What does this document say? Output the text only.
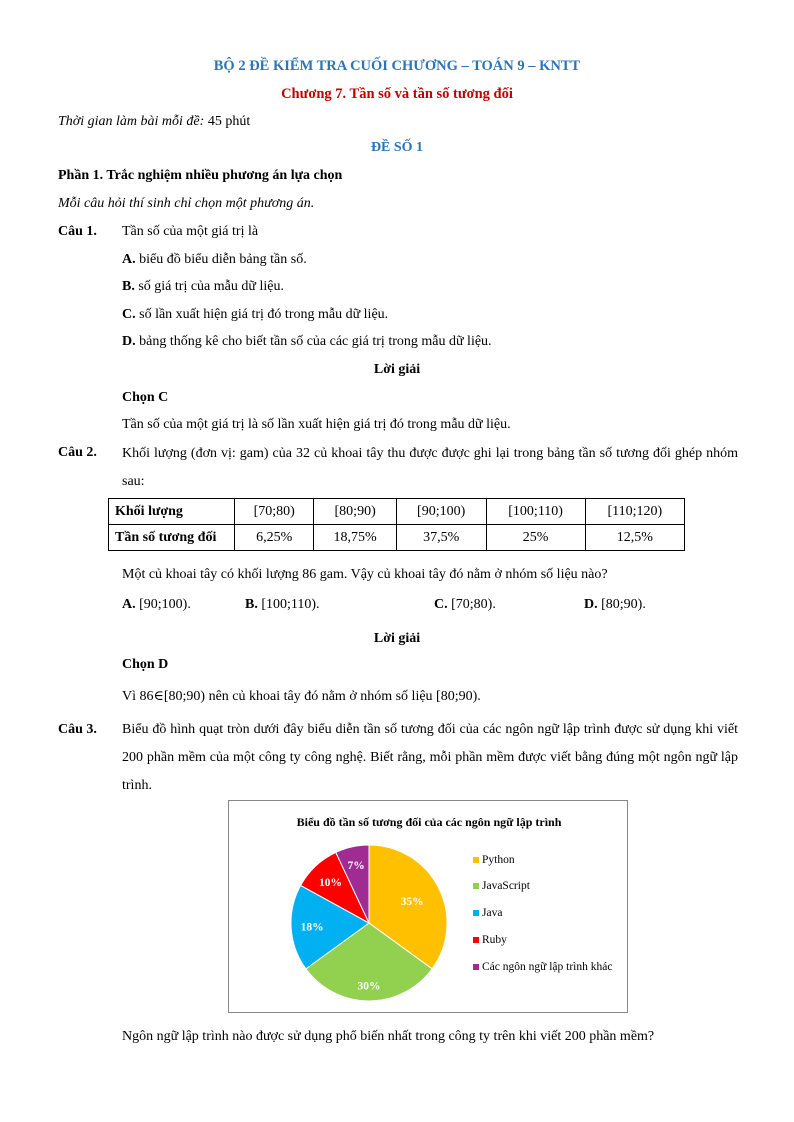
BỘ 2 ĐỀ KIỂM TRA CUỐI CHƯƠNG – TOÁN 9 – KNTT
Chương 7. Tần số và tần số tương đối
Thời gian làm bài mỗi đề: 45 phút
ĐỀ SỐ 1
Phần 1. Trắc nghiệm nhiều phương án lựa chọn
Mỗi câu hỏi thí sinh chỉ chọn một phương án.
Câu 1. Tần số của một giá trị là
A. biểu đồ biểu diễn bảng tần số.
B. số giá trị của mẫu dữ liệu.
C. số lần xuất hiện giá trị đó trong mẫu dữ liệu.
D. bảng thống kê cho biết tần số của các giá trị trong mẫu dữ liệu.
Lời giải
Chọn C
Tần số của một giá trị là số lần xuất hiện giá trị đó trong mẫu dữ liệu.
Câu 2. Khối lượng (đơn vị: gam) của 32 củ khoai tây thu được được ghi lại trong bảng tần số tương đối ghép nhóm sau:
Khối lượng	[70;80)	[80;90)	[90;100)	[100;110)	[110;120)
Tần số tương đối	6,25%	18,75%	37,5%	25%	12,5%
Một củ khoai tây có khối lượng 86 gam. Vậy củ khoai tây đó nằm ở nhóm số liệu nào?
A. [90;100).	B. [100;110).	C. [70;80).	D. [80;90).
Lời giải
Chọn D
Vì 86∈[80;90) nên củ khoai tây đó nằm ở nhóm số liệu [80;90).
Câu 3. Biểu đồ hình quạt tròn dưới đây biểu diễn tần số tương đối của các ngôn ngữ lập trình được sử dụng khi viết 200 phần mềm của một công ty công nghệ. Biết rằng, mỗi phần mềm được viết bằng đúng một ngôn ngữ lập trình.
Biểu đồ tần số tương đối của các ngôn ngữ lập trình
35%
30%
18%
10%
7%
Python
JavaScript
Java
Ruby
Các ngôn ngữ lập trình khác
Ngôn ngữ lập trình nào được sử dụng phổ biến nhất trong công ty trên khi viết 200 phần mềm?
